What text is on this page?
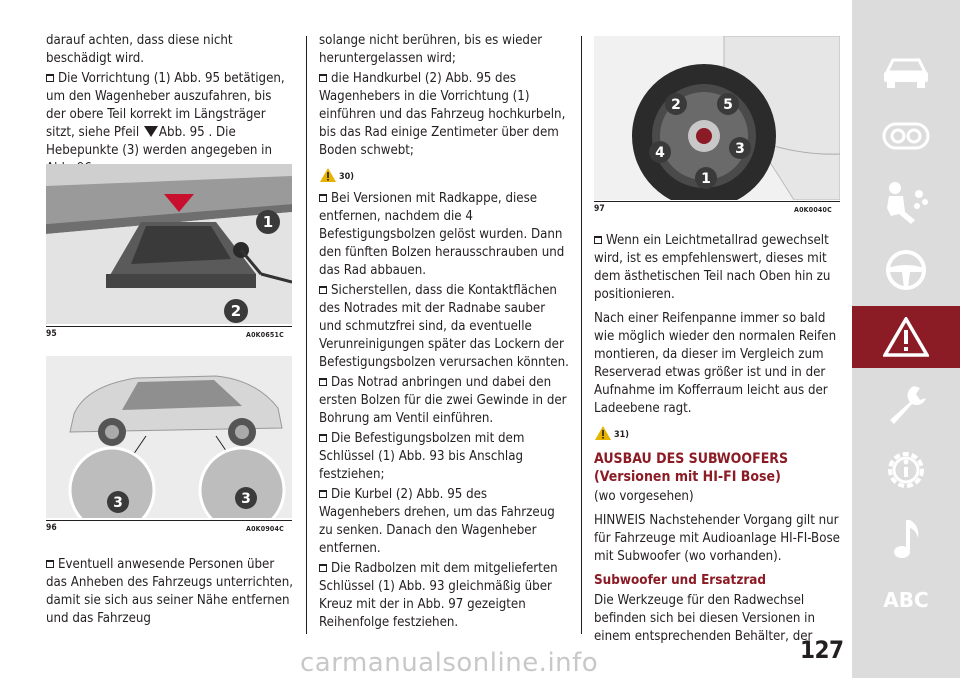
darauf achten, dass diese nicht beschädigt wird.

Die Vorrichtung (1) Abb. 95 betätigen, um den Wagenheber auszufahren, bis der obere Teil korrekt im Längsträger sitzt, siehe Pfeil Abb. 95 . Die Hebepunkte (3) werden angegeben in

1
2
95	A0K0651C
3	3
96	A0K0904C

Eventuell anwesende Personen über das Anheben des Fahrzeugs unterrichten, damit sie sich aus seiner Nähe entfernen und das Fahrzeug

solange nicht berühren, bis es wieder heruntergelassen wird;

die Handkurbel (2) Abb. 95 des Wagenhebers in die Vorrichtung (1) einführen und das Fahrzeug hochkurbeln, bis das Rad einige Zentimeter über dem Boden schwebt;

30)

Bei Versionen mit Radkappe, diese entfernen, nachdem die 4 Befestigungsbolzen gelöst wurden. Dann den fünften Bolzen herausschrauben und das Rad abbauen.

Sicherstellen, dass die Kontaktflächen des Notrades mit der Radnabe sauber und schmutzfrei sind, da eventuelle Verunreinigungen später das Lockern der Befestigungsbolzen verursachen könnten.

Das Notrad anbringen und dabei den ersten Bolzen für die zwei Gewinde in der Bohrung am Ventil einführen.

Die Befestigungsbolzen mit dem Schlüssel (1) Abb. 93 bis Anschlag festziehen;

Die Kurbel (2) Abb. 95 des Wagenhebers drehen, um das Fahrzeug zu senken. Danach den Wagenheber entfernen.

Die Radbolzen mit dem mitgelieferten Schlüssel (1) Abb. 93 gleichmäßig über Kreuz mit der in Abb. 97 gezeigten Reihenfolge festziehen.

2	5
4	3
1
97	A0K0040C

Wenn ein Leichtmetallrad gewechselt wird, ist es empfehlenswert, dieses mit dem ästhetischen Teil nach Oben hin zu positionieren.

Nach einer Reifenpanne immer so bald wie möglich wieder den normalen Reifen montieren, da dieser im Vergleich zum Reserverad etwas größer ist und in der Aufnahme im Kofferraum leicht aus der Ladeebene ragt.

31)

AUSBAU DES SUBWOOFERS (Versionen mit HI-FI Bose)

(wo vorgesehen)

HINWEIS Nachstehender Vorgang gilt nur für Fahrzeuge mit Audioanlage HI-FI-Bose mit Subwoofer (wo vorhanden).

Subwoofer und Ersatzrad

Die Werkzeuge für den Radwechsel befinden sich bei diesen Versionen in einem entsprechenden Behälter, der

127
carmanualsonline.info
ABC
